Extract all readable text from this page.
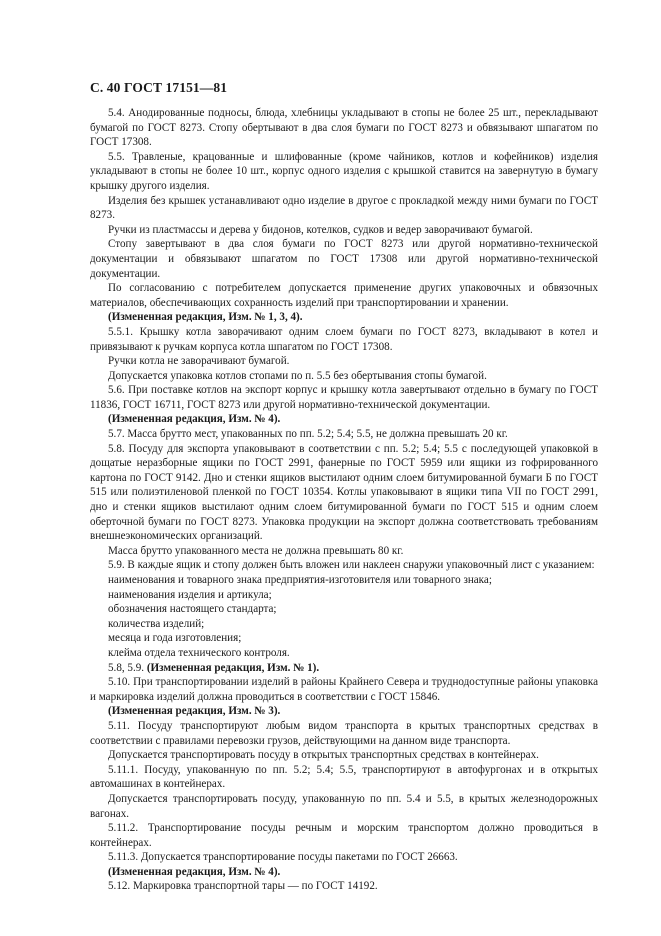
С. 40 ГОСТ 17151—81

5.4. Анодированные подносы, блюда, хлебницы укладывают в стопы не более 25 шт., перекладывают бумагой по ГОСТ 8273. Стопу обертывают в два слоя бумаги по ГОСТ 8273 и обвязывают шпагатом по ГОСТ 17308.

5.5. Травленые, крацованные и шлифованные (кроме чайников, котлов и кофейников) изделия укладывают в стопы не более 10 шт., корпус одного изделия с крышкой ставится на завернутую в бумагу крышку другого изделия.

Изделия без крышек устанавливают одно изделие в другое с прокладкой между ними бумаги по ГОСТ 8273.

Ручки из пластмассы и дерева у бидонов, котелков, судков и ведер заворачивают бумагой.

Стопу завертывают в два слоя бумаги по ГОСТ 8273 или другой нормативно-технической документации и обвязывают шпагатом по ГОСТ 17308 или другой нормативно-технической документации.

По согласованию с потребителем допускается применение других упаковочных и обвязочных материалов, обеспечивающих сохранность изделий при транспортировании и хранении.

(Измененная редакция, Изм. № 1, 3, 4).

5.5.1. Крышку котла заворачивают одним слоем бумаги по ГОСТ 8273, вкладывают в котел и привязывают к ручкам корпуса котла шпагатом по ГОСТ 17308.

Ручки котла не заворачивают бумагой.

Допускается упаковка котлов стопами по п. 5.5 без обертывания стопы бумагой.

5.6. При поставке котлов на экспорт корпус и крышку котла завертывают отдельно в бумагу по ГОСТ 11836, ГОСТ 16711, ГОСТ 8273 или другой нормативно-технической документации.

(Измененная редакция, Изм. № 4).

5.7. Масса брутто мест, упакованных по пп. 5.2; 5.4; 5.5, не должна превышать 20 кг.

5.8. Посуду для экспорта упаковывают в соответствии с пп. 5.2; 5.4; 5.5 с последующей упаковкой в дощатые неразборные ящики по ГОСТ 2991, фанерные по ГОСТ 5959 или ящики из гофрированного картона по ГОСТ 9142. Дно и стенки ящиков выстилают одним слоем битумированной бумаги Б по ГОСТ 515 или полиэтиленовой пленкой по ГОСТ 10354. Котлы упаковывают в ящики типа VII по ГОСТ 2991, дно и стенки ящиков выстилают одним слоем битумированной бумаги по ГОСТ 515 и одним слоем оберточной бумаги по ГОСТ 8273. Упаковка продукции на экспорт должна соответствовать требованиям внешнеэкономических организаций.

Масса брутто упакованного места не должна превышать 80 кг.

5.9. В каждые ящик и стопу должен быть вложен или наклеен снаружи упаковочный лист с указанием:

наименования и товарного знака предприятия-изготовителя или товарного знака;

наименования изделия и артикула;

обозначения настоящего стандарта;

количества изделий;

месяца и года изготовления;

клейма отдела технического контроля.

5.8, 5.9. (Измененная редакция, Изм. № 1).

5.10. При транспортировании изделий в районы Крайнего Севера и труднодоступные районы упаковка и маркировка изделий должна проводиться в соответствии с ГОСТ 15846.

(Измененная редакция, Изм. № 3).

5.11. Посуду транспортируют любым видом транспорта в крытых транспортных средствах в соответствии с правилами перевозки грузов, действующими на данном виде транспорта.

Допускается транспортировать посуду в открытых транспортных средствах в контейнерах.

5.11.1. Посуду, упакованную по пп. 5.2; 5.4; 5.5, транспортируют в автофургонах и в открытых автомашинах в контейнерах.

Допускается транспортировать посуду, упакованную по пп. 5.4 и 5.5, в крытых железнодорожных вагонах.

5.11.2. Транспортирование посуды речным и морским транспортом должно проводиться в контейнерах.

5.11.3. Допускается транспортирование посуды пакетами по ГОСТ 26663.

(Измененная редакция, Изм. № 4).

5.12. Маркировка транспортной тары — по ГОСТ 14192.
